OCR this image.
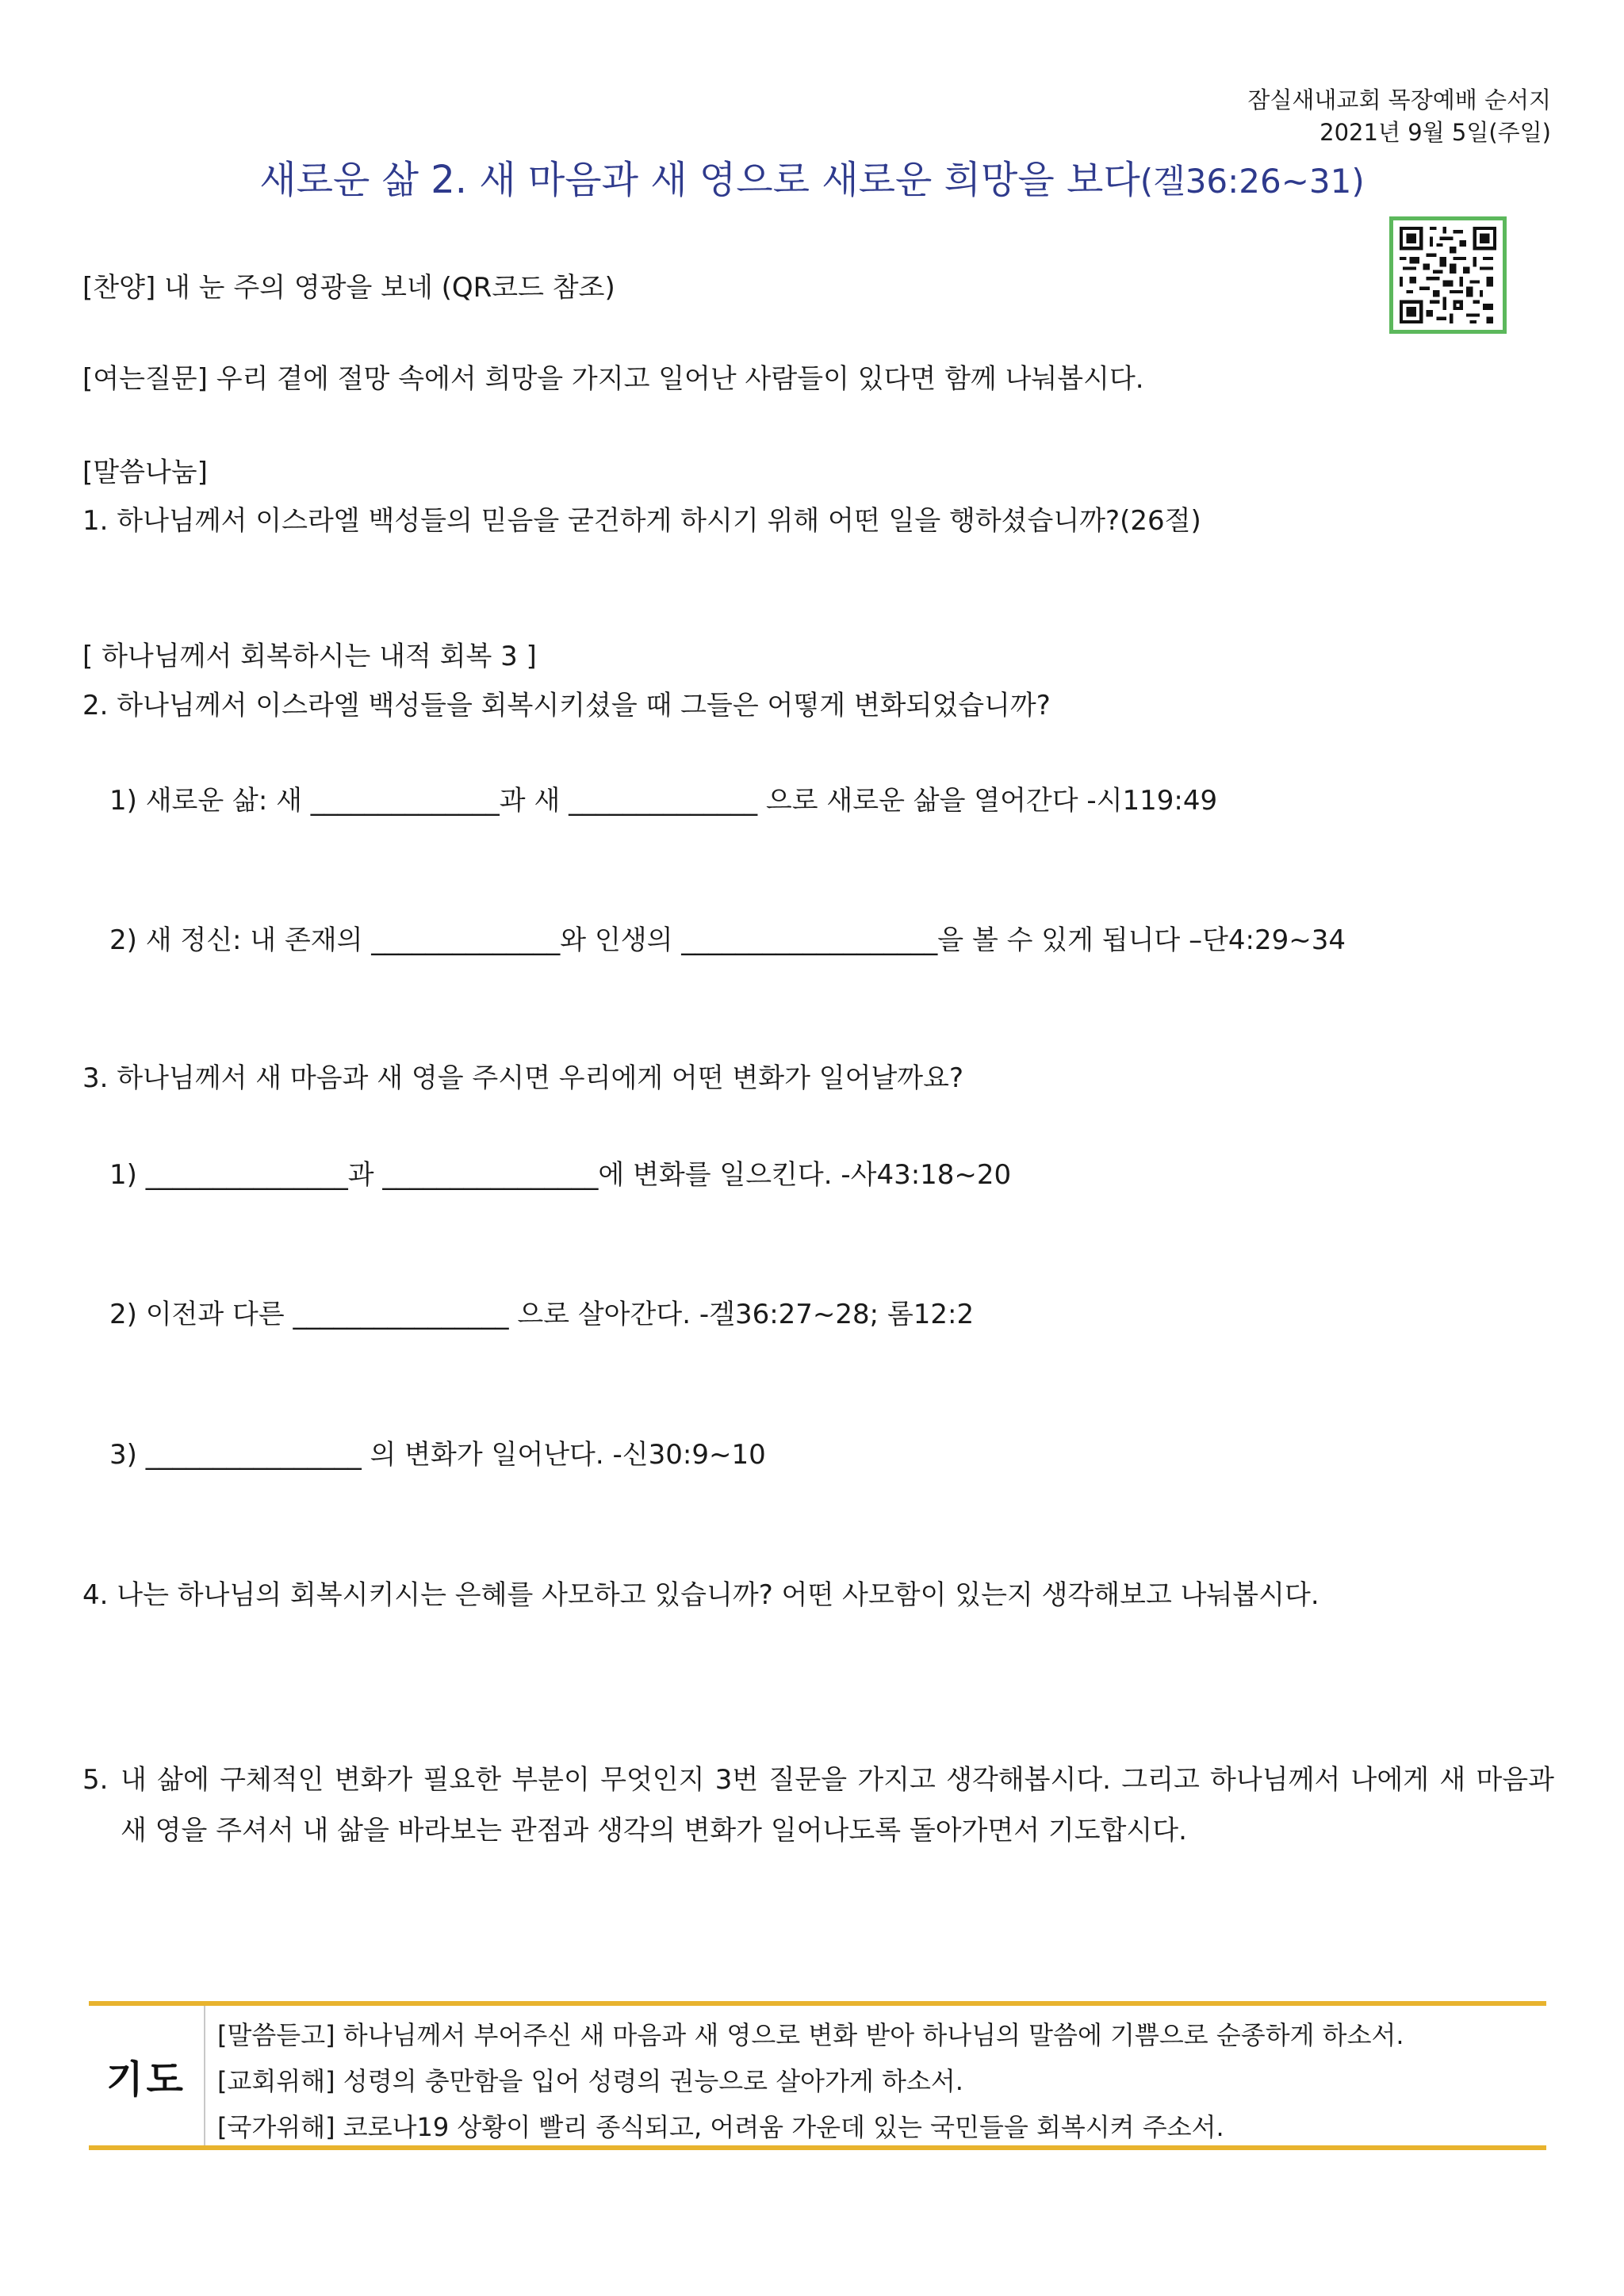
잠실새내교회 목장예배 순서지
2021년 9월 5일(주일)
새로운 삶 2. 새 마음과 새 영으로 새로운 희망을 보다(겔36:26~31)
[찬양] 내 눈 주의 영광을 보네 (QR코드 참조)
[여는질문] 우리 곁에 절망 속에서 희망을 가지고 일어난 사람들이 있다면 함께 나눠봅시다.
[말씀나눔]
1. 하나님께서 이스라엘 백성들의 믿음을 굳건하게 하시기 위해 어떤 일을 행하셨습니까?(26절)
[ 하나님께서 회복하시는 내적 회복 3 ]
2. 하나님께서 이스라엘 백성들을 회복시키셨을 때 그들은 어떻게 변화되었습니까?
1) 새로운 삶: 새 ______________과 새 ______________ 으로 새로운 삶을 열어간다 -시119:49
2) 새 정신: 내 존재의 ______________와 인생의 ___________________을 볼 수 있게 됩니다 –단4:29~34
3. 하나님께서 새 마음과 새 영을 주시면 우리에게 어떤 변화가 일어날까요?
1) _______________과 ________________에 변화를 일으킨다. -사43:18~20
2) 이전과 다른 ________________ 으로 살아간다. -겔36:27~28; 롬12:2
3) ________________ 의 변화가 일어난다. -신30:9~10
4. 나는 하나님의 회복시키시는 은혜를 사모하고 있습니까? 어떤 사모함이 있는지 생각해보고 나눠봅시다.
5. 내 삶에 구체적인 변화가 필요한 부분이 무엇인지 3번 질문을 가지고 생각해봅시다. 그리고 하나님께서 나에게 새 마음과 새 영을 주셔서 내 삶을 바라보는 관점과 생각의 변화가 일어나도록 돌아가면서 기도합시다.
기도
[말씀듣고] 하나님께서 부어주신 새 마음과 새 영으로 변화 받아 하나님의 말씀에 기쁨으로 순종하게 하소서.
[교회위해] 성령의 충만함을 입어 성령의 권능으로 살아가게 하소서.
[국가위해] 코로나19 상황이 빨리 종식되고, 어려움 가운데 있는 국민들을 회복시켜 주소서.
